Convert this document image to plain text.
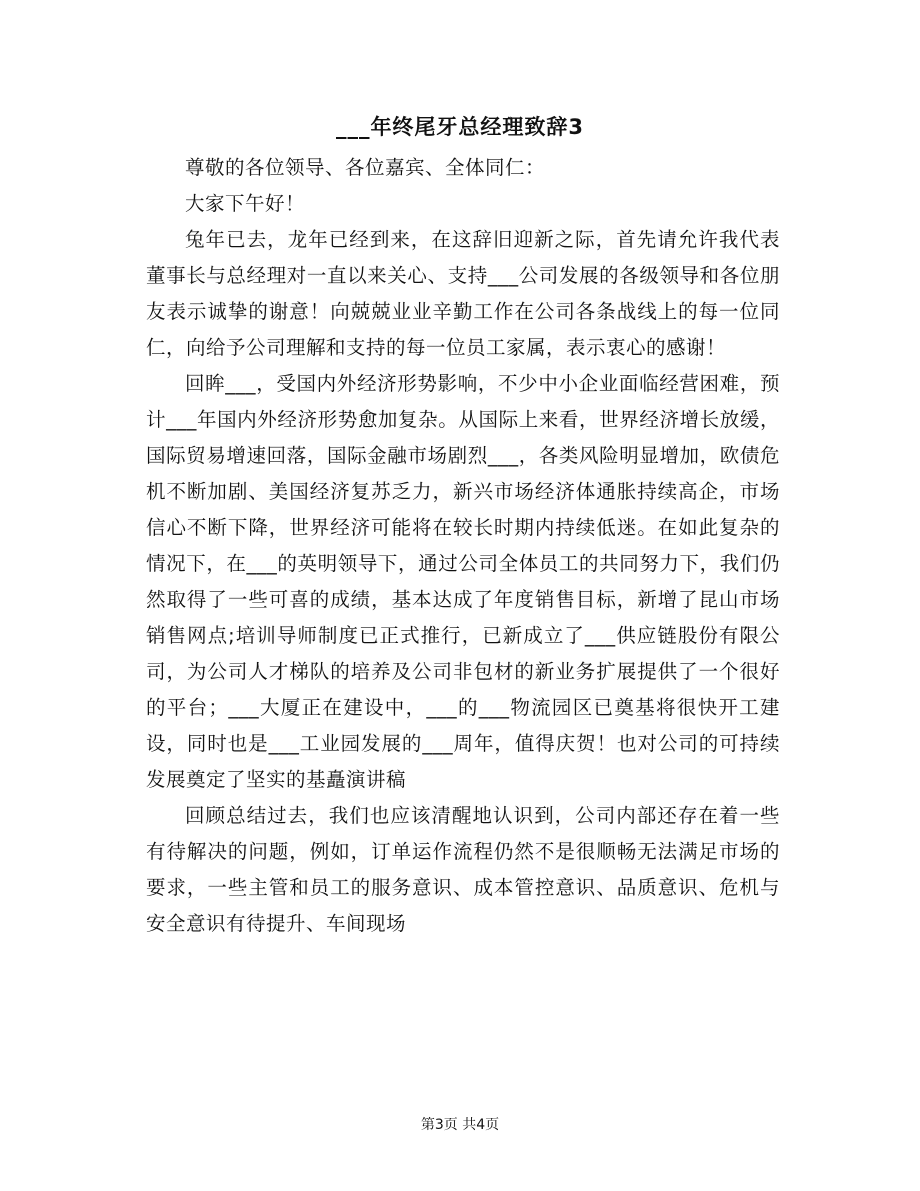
___年终尾牙总经理致辞3

尊敬的各位领导、各位嘉宾、全体同仁：

大家下午好！

兔年已去，龙年已经到来，在这辞旧迎新之际，首先请允许我代表董事长与总经理对一直以来关心、支持___公司发展的各级领导和各位朋友表示诚挚的谢意！向兢兢业业辛勤工作在公司各条战线上的每一位同仁，向给予公司理解和支持的每一位员工家属，表示衷心的感谢！

回眸___，受国内外经济形势影响，不少中小企业面临经营困难，预计___年国内外经济形势愈加复杂。从国际上来看，世界经济增长放缓，国际贸易增速回落，国际金融市场剧烈___，各类风险明显增加，欧债危机不断加剧、美国经济复苏乏力，新兴市场经济体通胀持续高企，市场信心不断下降，世界经济可能将在较长时期内持续低迷。在如此复杂的情况下，在___的英明领导下，通过公司全体员工的共同努力下，我们仍然取得了一些可喜的成绩，基本达成了年度销售目标，新增了昆山市场销售网点;培训导师制度已正式推行，已新成立了___供应链股份有限公司，为公司人才梯队的培养及公司非包材的新业务扩展提供了一个很好的平台；___大厦正在建设中，___的___物流园区已奠基将很快开工建设，同时也是___工业园发展的___周年，值得庆贺！也对公司的可持续发展奠定了坚实的基矗演讲稿

回顾总结过去，我们也应该清醒地认识到，公司内部还存在着一些有待解决的问题，例如，订单运作流程仍然不是很顺畅无法满足市场的要求，一些主管和员工的服务意识、成本管控意识、品质意识、危机与安全意识有待提升、车间现场

第3页 共4页
